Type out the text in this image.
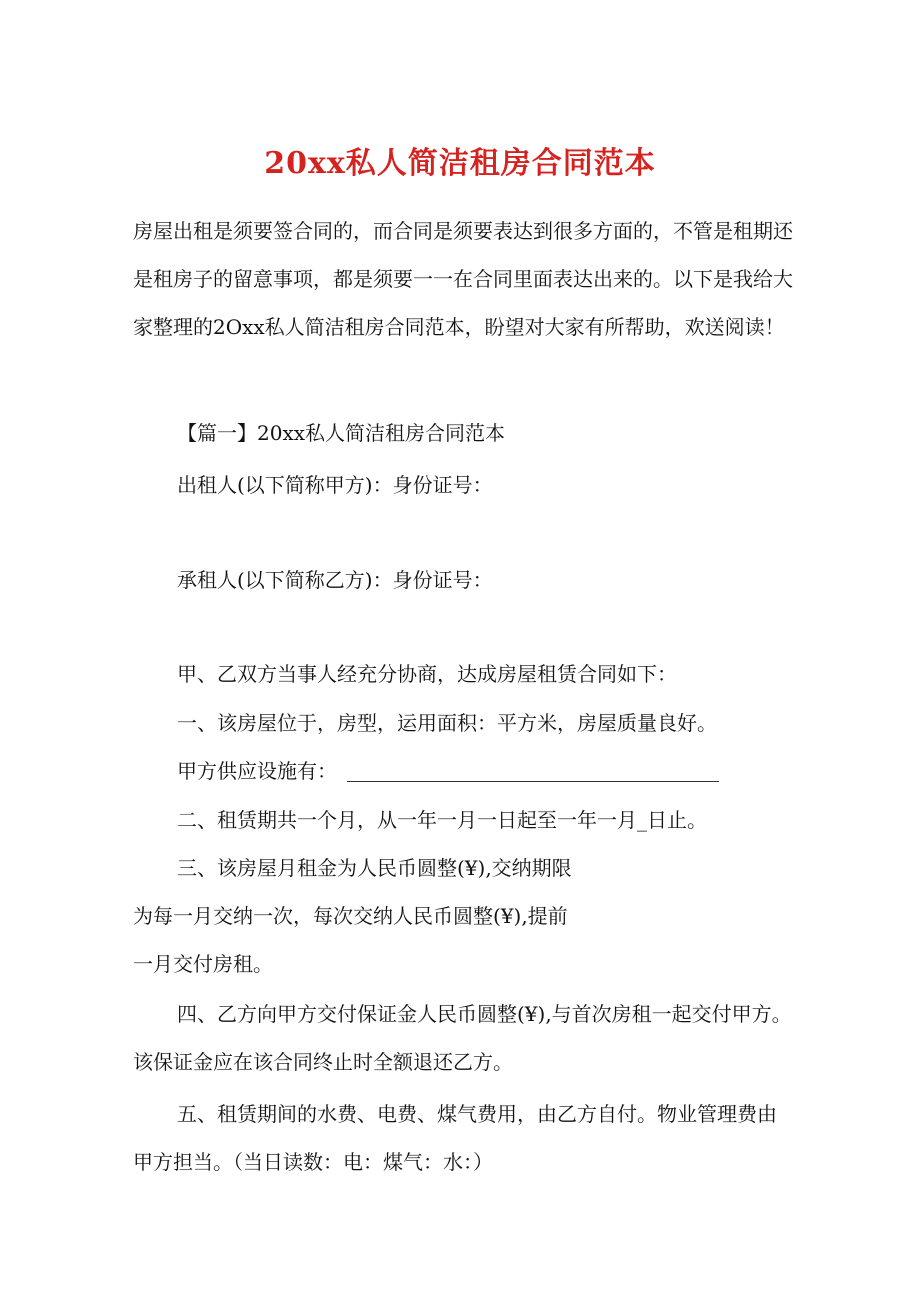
20xx私人简洁租房合同范本

房屋出租是须要签合同的，而合同是须要表达到很多方面的，不管是租期还

是租房子的留意事项，都是须要一一在合同里面表达出来的。以下是我给大

家整理的2Oxx私人简洁租房合同范本，盼望对大家有所帮助，欢送阅读！

【篇一】20xx私人简洁租房合同范本

出租人(以下简称甲方)：身份证号：

承租人(以下简称乙方)：身份证号：

甲、乙双方当事人经充分协商，达成房屋租赁合同如下：

一、该房屋位于，房型，运用面积：平方米，房屋质量良好。

甲方供应设施有：

二、租赁期共一个月，从一年一月一日起至一年一月_日止。

三、该房屋月租金为人民币圆整(¥),交纳期限

为每一月交纳一次，每次交纳人民币圆整(¥),提前

一月交付房租。

四、乙方向甲方交付保证金人民币圆整(¥),与首次房租一起交付甲方。

该保证金应在该合同终止时全额退还乙方。

五、租赁期间的水费、电费、煤气费用，由乙方自付。物业管理费由

甲方担当。（当日读数：电：煤气：水：）
